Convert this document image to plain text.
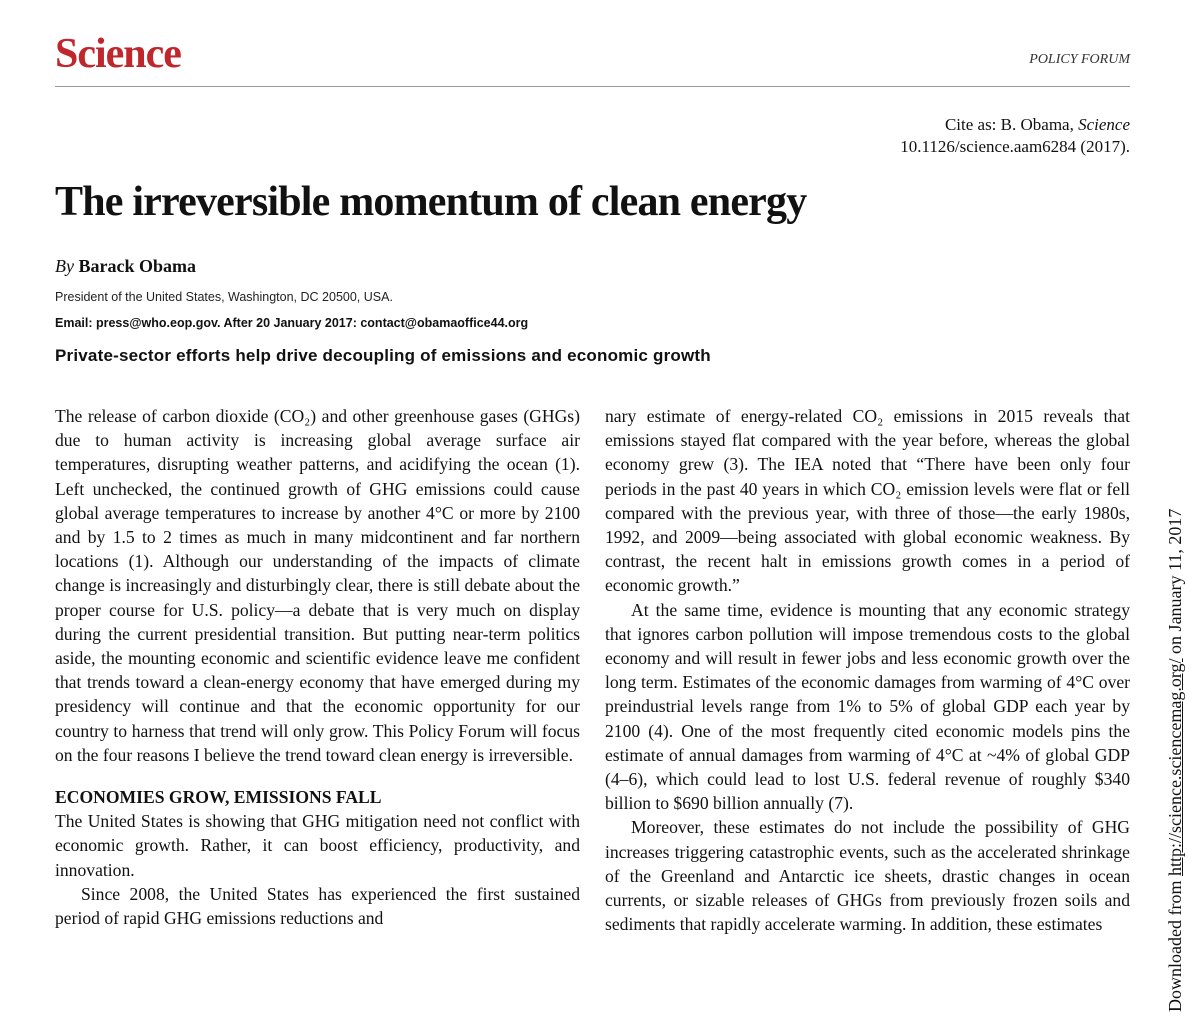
Science	POLICY FORUM
Cite as: B. Obama, Science
10.1126/science.aam6284 (2017).
The irreversible momentum of clean energy
By Barack Obama
President of the United States, Washington, DC 20500, USA.
Email: press@who.eop.gov. After 20 January 2017: contact@obamaoffice44.org
Private-sector efforts help drive decoupling of emissions and economic growth

The release of carbon dioxide (CO₂) and other greenhouse gases (GHGs) due to human activity is increasing global average surface air temperatures, disrupting weather patterns, and acidifying the ocean (1). Left unchecked, the continued growth of GHG emissions could cause global average temperatures to increase by another 4°C or more by 2100 and by 1.5 to 2 times as much in many midcontinent and far northern locations (1). Although our understanding of the impacts of climate change is increasingly and disturbingly clear, there is still debate about the proper course for U.S. policy—a debate that is very much on display during the current presidential transition. But putting near-term politics aside, the mounting economic and scientific evidence leave me confident that trends toward a clean-energy economy that have emerged during my presidency will continue and that the economic opportunity for our country to harness that trend will only grow. This Policy Forum will focus on the four reasons I believe the trend toward clean energy is irreversible.

ECONOMIES GROW, EMISSIONS FALL

The United States is showing that GHG mitigation need not conflict with economic growth. Rather, it can boost efficiency, productivity, and innovation.

Since 2008, the United States has experienced the first sustained period of rapid GHG emissions reductions and

nary estimate of energy-related CO₂ emissions in 2015 reveals that emissions stayed flat compared with the year before, whereas the global economy grew (3). The IEA noted that “There have been only four periods in the past 40 years in which CO₂ emission levels were flat or fell compared with the previous year, with three of those—the early 1980s, 1992, and 2009—being associated with global economic weakness. By contrast, the recent halt in emissions growth comes in a period of economic growth.”

At the same time, evidence is mounting that any economic strategy that ignores carbon pollution will impose tremendous costs to the global economy and will result in fewer jobs and less economic growth over the long term. Estimates of the economic damages from warming of 4°C over preindustrial levels range from 1% to 5% of global GDP each year by 2100 (4). One of the most frequently cited economic models pins the estimate of annual damages from warming of 4°C at ~4% of global GDP (4–6), which could lead to lost U.S. federal revenue of roughly $340 billion to $690 billion annually (7).

Moreover, these estimates do not include the possibility of GHG increases triggering catastrophic events, such as the accelerated shrinkage of the Greenland and Antarctic ice sheets, drastic changes in ocean currents, or sizable releases of GHGs from previously frozen soils and sediments that rapidly accelerate warming. In addition, these estimates	Downloaded from http://science.sciencemag.org/ on January 11, 2017
